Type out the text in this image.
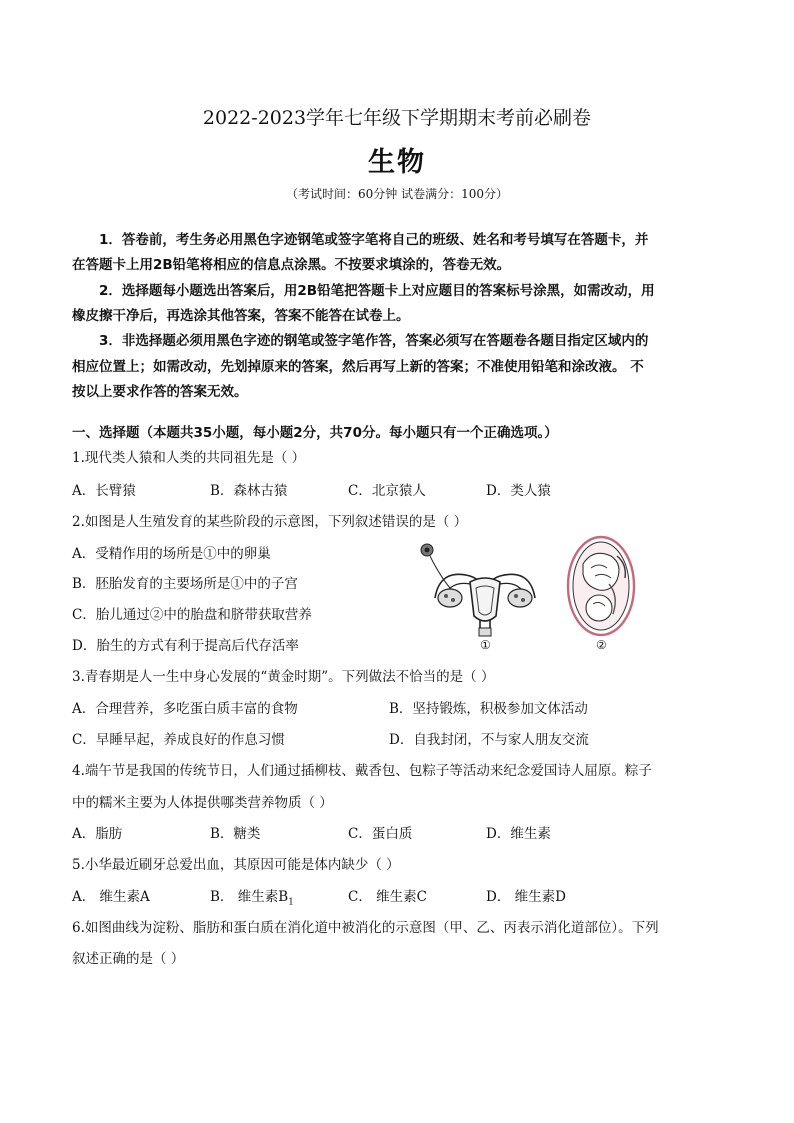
2022-2023学年七年级下学期期末考前必刷卷
生物
（考试时间：60分钟 试卷满分：100分）
1．答卷前，考生务必用黑色字迹钢笔或签字笔将自己的班级、姓名和考号填写在答题卡，并
在答题卡上用2B铅笔将相应的信息点涂黑。不按要求填涂的，答卷无效。
2．选择题每小题选出答案后，用2B铅笔把答题卡上对应题目的答案标号涂黑，如需改动，用
橡皮擦干净后，再选涂其他答案，答案不能答在试卷上。
3．非选择题必须用黑色字迹的钢笔或签字笔作答，答案必须写在答题卷各题目指定区域内的
相应位置上；如需改动，先划掉原来的答案，然后再写上新的答案；不准使用铅笔和涂改液。 不
按以上要求作答的答案无效。
一、选择题（本题共35小题，每小题2分，共70分。每小题只有一个正确选项。）
1.现代类人猿和人类的共同祖先是（ ）
A．长臂猿	B．森林古猿	C．北京猿人	D．类人猿
2.如图是人生殖发育的某些阶段的示意图，下列叙述错误的是（ ）
A．受精作用的场所是①中的卵巢
B．胚胎发育的主要场所是①中的子宫
C．胎儿通过②中的胎盘和脐带获取营养
D．胎生的方式有利于提高后代存活率	①	②
3.青春期是人一生中身心发展的“黄金时期”。下列做法不恰当的是（ ）
A．合理营养，多吃蛋白质丰富的食物	B．坚持锻炼，积极参加文体活动
C．早睡早起，养成良好的作息习惯	D．自我封闭，不与家人朋友交流
4.端午节是我国的传统节日，人们通过插柳枝、戴香包、包粽子等活动来纪念爱国诗人屈原。粽子
中的糯米主要为人体提供哪类营养物质（ ）
A．脂肪	B．糖类	C．蛋白质	D．维生素
5.小华最近刷牙总爱出血，其原因可能是体内缺少（ ）
A． 维生素A	B． 维生素$B_1$	C． 维生素C	D． 维生素D
6.如图曲线为淀粉、脂肪和蛋白质在消化道中被消化的示意图（甲、乙、丙表示消化道部位）。下列
叙述正确的是（ ）
